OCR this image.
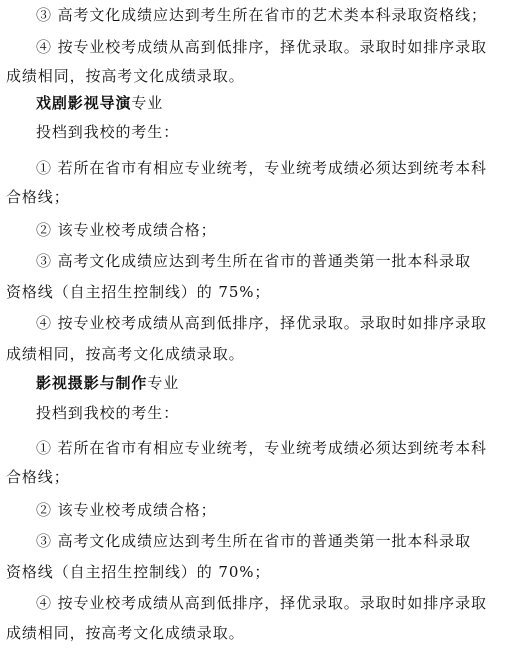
③ 高考文化成绩应达到考生所在省市的艺术类本科录取资格线；
④ 按专业校考成绩从高到低排序，择优录取。录取时如排序录取
成绩相同，按高考文化成绩录取。
戏剧影视导演专业
投档到我校的考生：
① 若所在省市有相应专业统考，专业统考成绩必须达到统考本科
合格线；
② 该专业校考成绩合格；
③ 高考文化成绩应达到考生所在省市的普通类第一批本科录取
资格线（自主招生控制线）的 75%；
④ 按专业校考成绩从高到低排序，择优录取。录取时如排序录取
成绩相同，按高考文化成绩录取。
影视摄影与制作专业
投档到我校的考生：
① 若所在省市有相应专业统考，专业统考成绩必须达到统考本科
合格线；
② 该专业校考成绩合格；
③ 高考文化成绩应达到考生所在省市的普通类第一批本科录取
资格线（自主招生控制线）的 70%；
④ 按专业校考成绩从高到低排序，择优录取。录取时如排序录取
成绩相同，按高考文化成绩录取。
